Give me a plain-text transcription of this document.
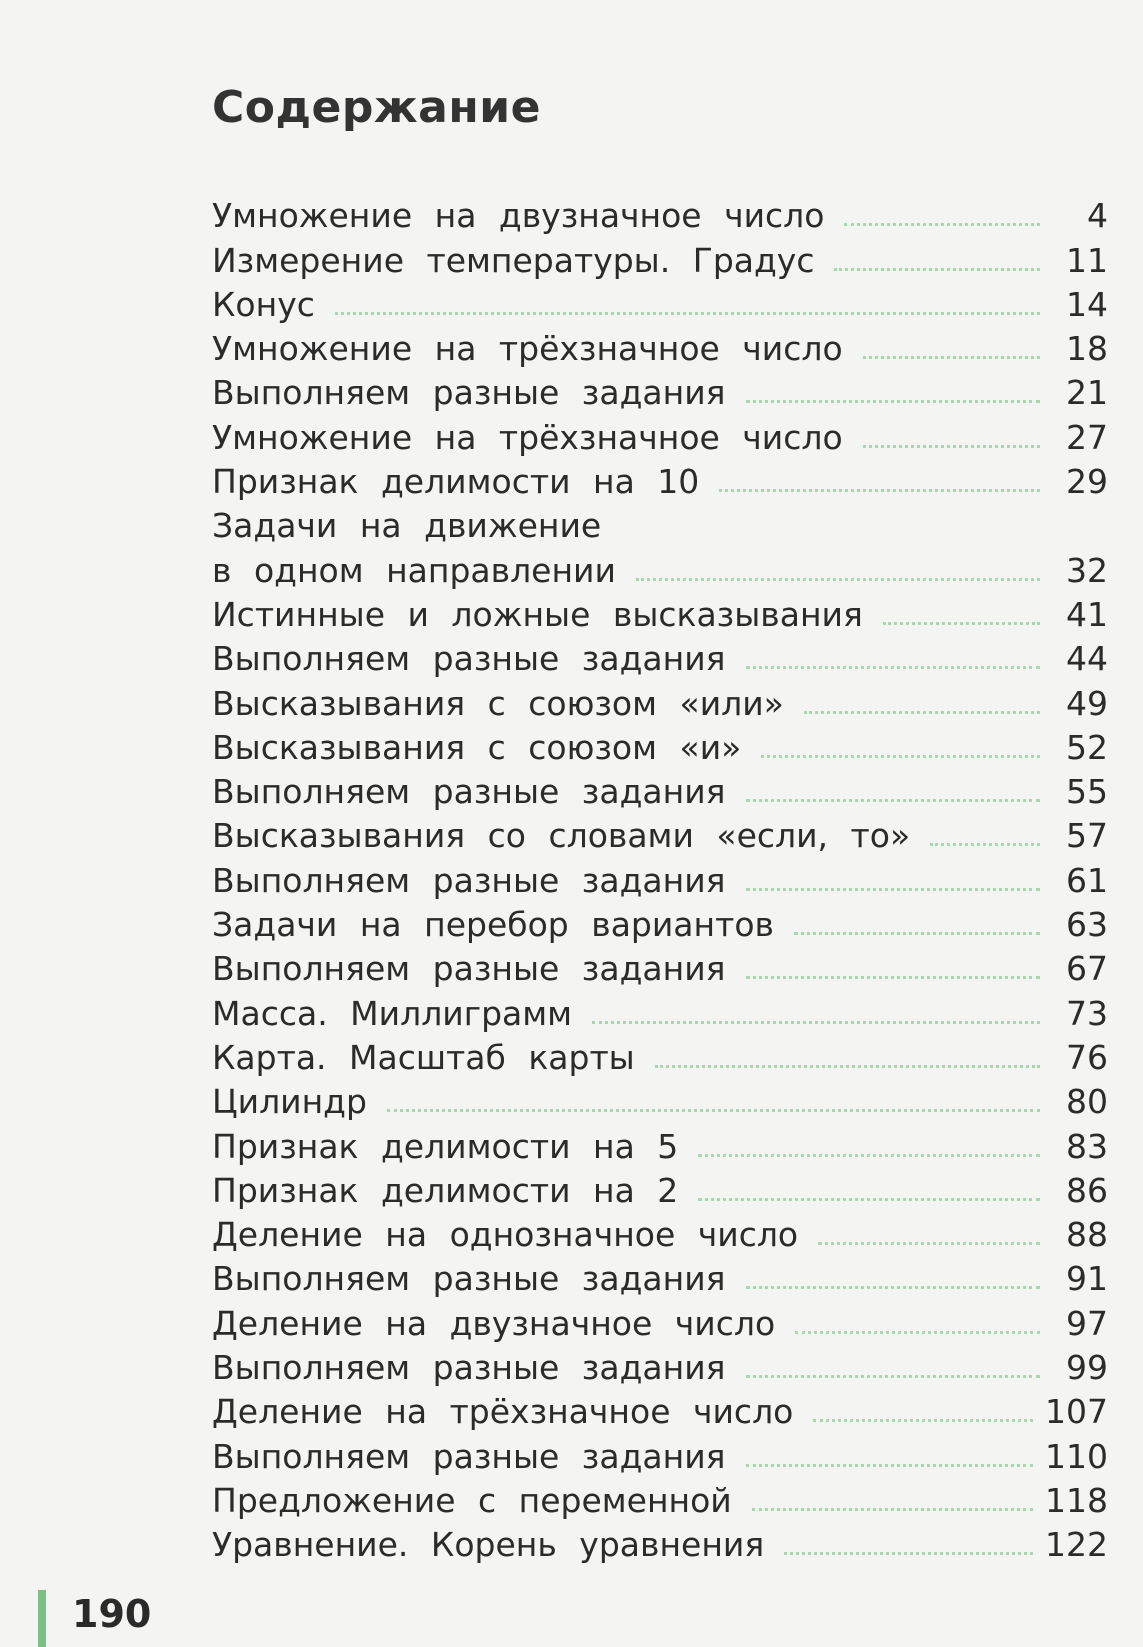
Содержание
Умножение на двузначное число	4
Измерение температуры. Градус	11
Конус	14
Умножение на трёхзначное число	18
Выполняем разные задания	21
Умножение на трёхзначное число	27
Признак делимости на 10	29
Задачи на движение
в одном направлении	32
Истинные и ложные высказывания	41
Выполняем разные задания	44
Высказывания с союзом «или»	49
Высказывания с союзом «и»	52
Выполняем разные задания	55
Высказывания со словами «если, то»	57
Выполняем разные задания	61
Задачи на перебор вариантов	63
Выполняем разные задания	67
Масса. Миллиграмм	73
Карта. Масштаб карты	76
Цилиндр	80
Признак делимости на 5	83
Признак делимости на 2	86
Деление на однозначное число	88
Выполняем разные задания	91
Деление на двузначное число	97
Выполняем разные задания	99
Деление на трёхзначное число	107
Выполняем разные задания	110
Предложение с переменной	118
Уравнение. Корень уравнения	122
190
